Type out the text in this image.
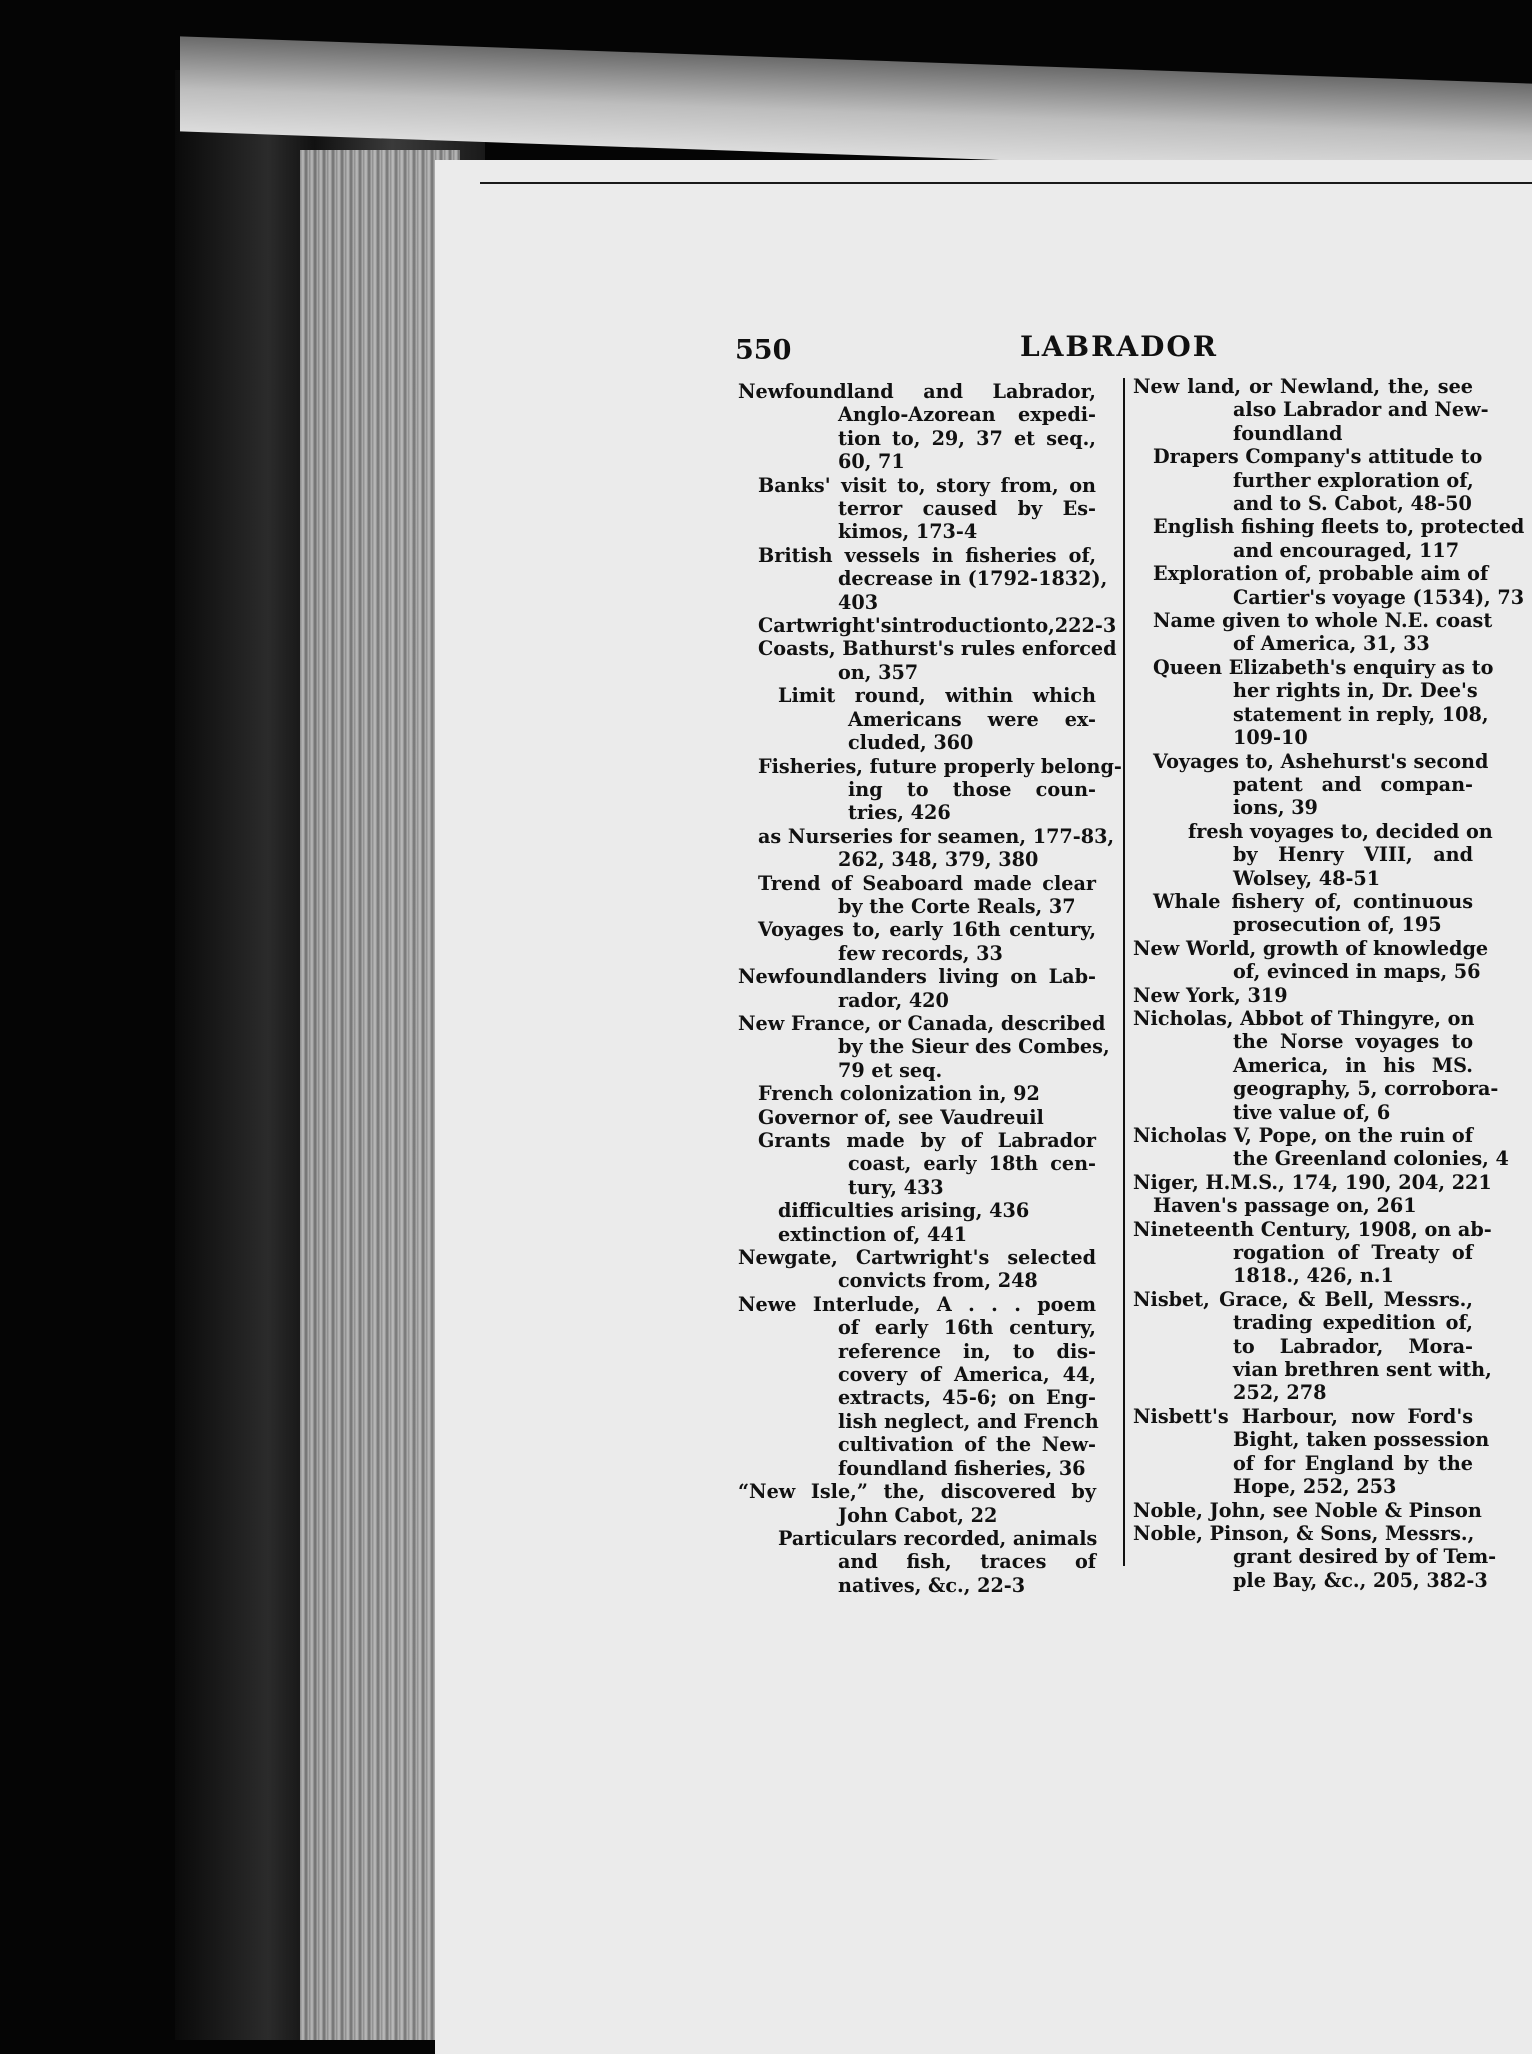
550	LABRADOR
Newfoundland and Labrador,
Anglo-Azorean expedi-
tion to, 29, 37 et seq.,
60, 71
Banks' visit to, story from, on
terror caused by Es-
kimos, 173-4
British vessels in fisheries of,
decrease in (1792-1832),
403
Cartwright'sintroductionto,222-3
Coasts, Bathurst's rules enforced
on, 357
Limit round, within which
Americans were ex-
cluded, 360
Fisheries, future properly belong-
ing to those coun-
tries, 426
as Nurseries for seamen, 177-83,
262, 348, 379, 380
Trend of Seaboard made clear
by the Corte Reals, 37
Voyages to, early 16th century,
few records, 33
Newfoundlanders living on Lab-
rador, 420
New France, or Canada, described
by the Sieur des Combes,
79 et seq.
French colonization in, 92
Governor of, see Vaudreuil
Grants made by of Labrador
coast, early 18th cen-
tury, 433
difficulties arising, 436
extinction of, 441
Newgate, Cartwright's selected
convicts from, 248
Newe Interlude, A . . . poem
of early 16th century,
reference in, to dis-
covery of America, 44,
extracts, 45-6; on Eng-
lish neglect, and French
cultivation of the New-
foundland fisheries, 36
“New Isle,” the, discovered by
John Cabot, 22
Particulars recorded, animals
and fish, traces of
natives, &c., 22-3
New land, or Newland, the, see
also Labrador and New-
foundland
Drapers Company's attitude to
further exploration of,
and to S. Cabot, 48-50
English fishing fleets to, protected
and encouraged, 117
Exploration of, probable aim of
Cartier's voyage (1534), 73
Name given to whole N.E. coast
of America, 31, 33
Queen Elizabeth's enquiry as to
her rights in, Dr. Dee's
statement in reply, 108,
109-10
Voyages to, Ashehurst's second
patent and compan-
ions, 39
fresh voyages to, decided on
by Henry VIII, and
Wolsey, 48-51
Whale fishery of, continuous
prosecution of, 195
New World, growth of knowledge
of, evinced in maps, 56
New York, 319
Nicholas, Abbot of Thingyre, on
the Norse voyages to
America, in his MS.
geography, 5, corrobora-
tive value of, 6
Nicholas V, Pope, on the ruin of
the Greenland colonies, 4
Niger, H.M.S., 174, 190, 204, 221
Haven's passage on, 261
Nineteenth Century, 1908, on ab-
rogation of Treaty of
1818., 426, n.1
Nisbet, Grace, & Bell, Messrs.,
trading expedition of,
to Labrador, Mora-
vian brethren sent with,
252, 278
Nisbett's Harbour, now Ford's
Bight, taken possession
of for England by the
Hope, 252, 253
Noble, John, see Noble & Pinson
Noble, Pinson, & Sons, Messrs.,
grant desired by of Tem-
ple Bay, &c., 205, 382-3
